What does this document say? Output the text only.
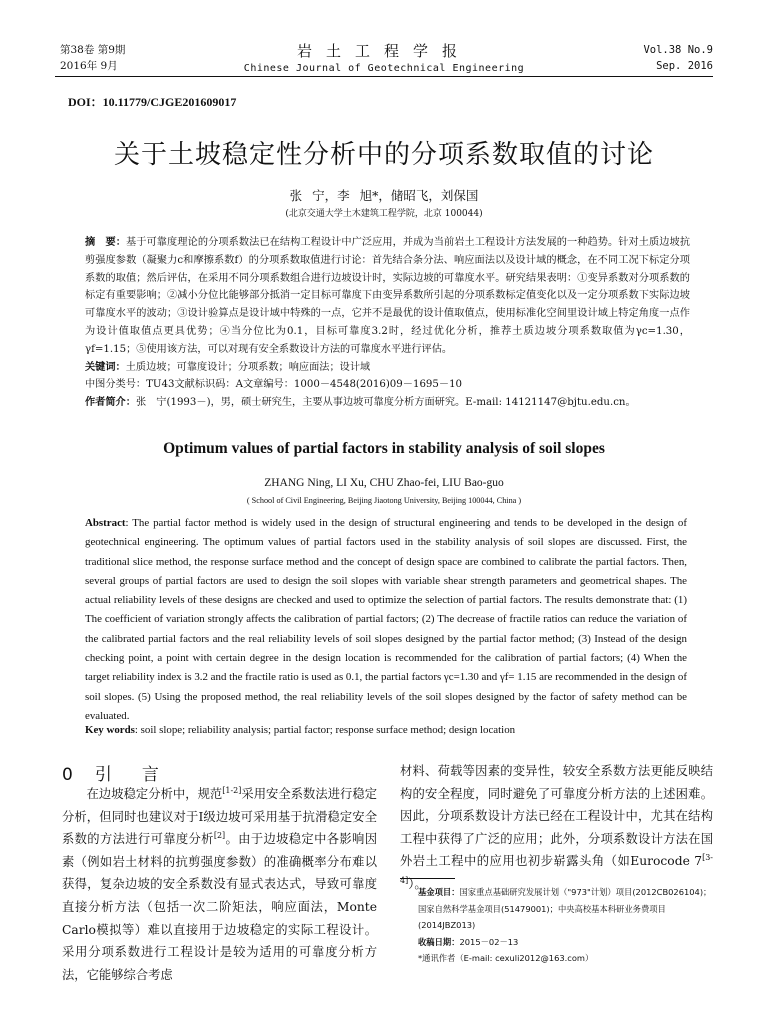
第38卷 第9期
2016年 9月
岩土工程学报
Chinese Journal of Geotechnical Engineering
Vol.38 No.9
Sep. 2016
DOI：10.11779/CJGE201609017
关于土坡稳定性分析中的分项系数取值的讨论
张 宁，李 旭*，储昭飞，刘保国
(北京交通大学土木建筑工程学院，北京 100044)
摘　要：基于可靠度理论的分项系数法已在结构工程设计中广泛应用，并成为当前岩土工程设计方法发展的一种趋势。针对土质边坡抗剪强度参数（凝聚力c和摩擦系数f）的分项系数取值进行讨论：首先结合条分法、响应面法以及设计域的概念，在不同工况下标定分项系数的取值；然后评估，在采用不同分项系数组合进行边坡设计时，实际边坡的可靠度水平。研究结果表明：①变异系数对分项系数的标定有重要影响；②减小分位比能够部分抵消一定目标可靠度下由变异系数所引起的分项系数标定值变化以及一定分项系数下实际边坡可靠度水平的波动；③设计验算点是设计域中特殊的一点，它并不是最优的设计值取值点，使用标准化空间里设计域上特定角度一点作为设计值取值点更具优势；④当分位比为0.1，目标可靠度3.2时，经过优化分析，推荐土质边坡分项系数取值为γc=1.30，γf=1.15；⑤使用该方法，可以对现有安全系数设计方法的可靠度水平进行评估。
关键词：土质边坡；可靠度设计；分项系数；响应面法；设计域
中图分类号：TU43文献标识码：A文章编号：1000－4548(2016)09－1695－10
作者简介：张　宁(1993－)，男，硕士研究生，主要从事边坡可靠度分析方面研究。E-mail: 14121147@bjtu.edu.cn。
Optimum values of partial factors in stability analysis of soil slopes
ZHANG Ning, LI Xu, CHU Zhao-fei, LIU Bao-guo
( School of Civil Engineering, Beijing Jiaotong University, Beijing 100044, China )
Abstract: The partial factor method is widely used in the design of structural engineering and tends to be developed in the design of geotechnical engineering. The optimum values of partial factors used in the stability analysis of soil slopes are discussed. First, the traditional slice method, the response surface method and the concept of design space are combined to calibrate the partial factors. Then, several groups of partial factors are used to design the soil slopes with variable shear strength parameters and geometrical shapes. The actual reliability levels of these designs are checked and used to optimize the selection of partial factors. The results demonstrate that: (1) The coefficient of variation strongly affects the calibration of partial factors; (2) The decrease of fractile ratios can reduce the variation of the calibrated partial factors and the real reliability levels of soil slopes designed by the partial factor method; (3) Instead of the design checking point, a point with certain degree in the design location is recommended for the calibration of partial factors; (4) When the target reliability index is 3.2 and the fractile ratio is used as 0.1, the partial factors γc=1.30 and γf= 1.15 are recommended in the design of soil slopes. (5) Using the proposed method, the real reliability levels of the soil slopes designed by the factor of safety method can be evaluated.
Key words: soil slope; reliability analysis; partial factor; response surface method; design location
0 引言

在边坡稳定分析中，规范[1-2]采用安全系数法进行稳定分析，但同时也建议对于Ⅰ级边坡可采用基于抗滑稳定安全系数的方法进行可靠度分析[2]。由于边坡稳定中各影响因素（例如岩土材料的抗剪强度参数）的准确概率分布难以获得，复杂边坡的安全系数没有显式表达式，导致可靠度直接分析方法（包括一次二阶矩法，响应面法，Monte Carlo模拟等）难以直接用于边坡稳定的实际工程设计。采用分项系数进行工程设计是较为适用的可靠度分析方法，它能够综合考虑

材料、荷载等因素的变异性，较安全系数方法更能反映结构的安全程度，同时避免了可靠度分析方法的上述困难。因此，分项系数设计方法已经在工程设计中，尤其在结构工程中获得了广泛的应用；此外，分项系数设计方法在国外岩土工程中的应用也初步崭露头角（如Eurocode 7[3-4]）。

基金项目：国家重点基础研究发展计划（"973"计划）项目(2012CB026104)；国家自然科学基金项目(51479001)；中央高校基本科研业务费项目(2014JBZ013)

收稿日期：2015－02－13

*通讯作者（E-mail: cexuli2012@163.com）
